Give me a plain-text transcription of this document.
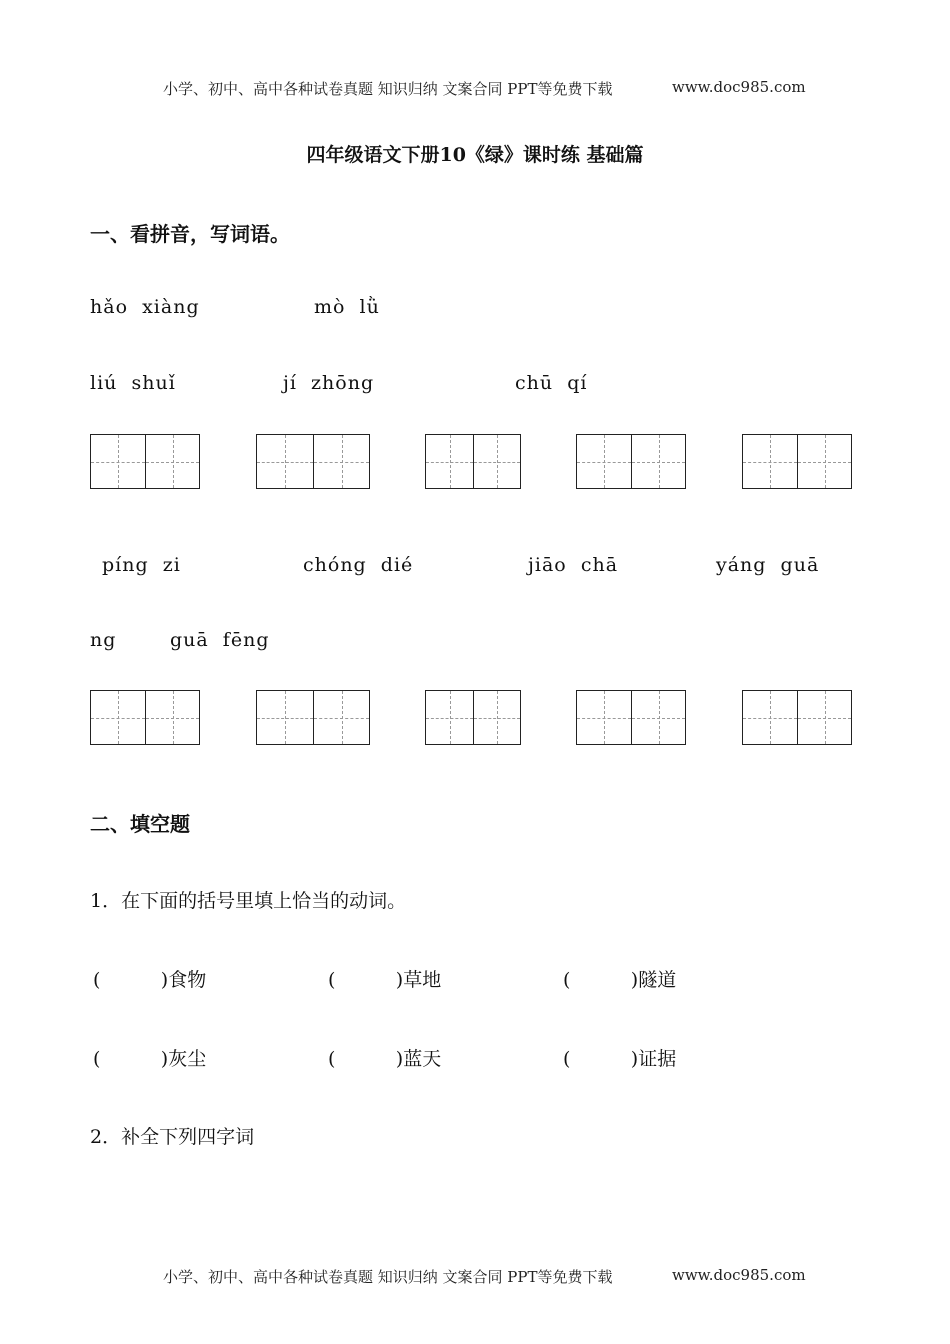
小学、初中、高中各种试卷真题 知识归纳 文案合同 PPT等免费下载	www.doc985.com
四年级语文下册10《绿》课时练 基础篇
一、看拼音，写词语。
hǎo  xiàng	mò  lǜ
liú  shuǐ	jí  zhōng	chū  qí
píng  zi	chóng  dié	jiāo  chā	yáng  guā
ng	guā  fēng
二、填空题
1．在下面的括号里填上恰当的动词。
(          )食物	(          )草地	(          )隧道
(          )灰尘	(          )蓝天	(          )证据
2．补全下列四字词
小学、初中、高中各种试卷真题 知识归纳 文案合同 PPT等免费下载	www.doc985.com
